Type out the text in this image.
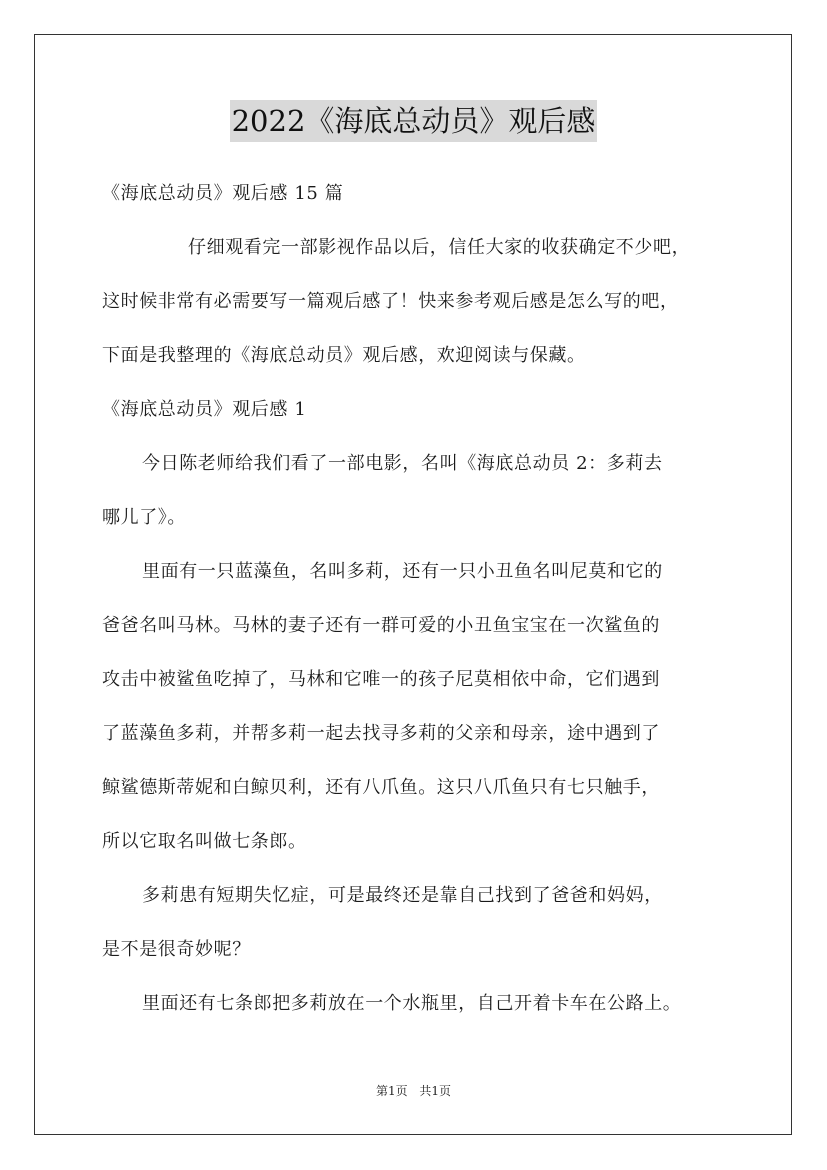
2022《海底总动员》观后感
《海底总动员》观后感 15 篇
仔细观看完一部影视作品以后，信任大家的收获确定不少吧，
这时候非常有必需要写一篇观后感了！快来参考观后感是怎么写的吧，
下面是我整理的《海底总动员》观后感，欢迎阅读与保藏。
《海底总动员》观后感 1
今日陈老师给我们看了一部电影，名叫《海底总动员 2：多莉去
哪儿了》。
里面有一只蓝藻鱼，名叫多莉，还有一只小丑鱼名叫尼莫和它的
爸爸名叫马林。马林的妻子还有一群可爱的小丑鱼宝宝在一次鲨鱼的
攻击中被鲨鱼吃掉了，马林和它唯一的孩子尼莫相依中命，它们遇到
了蓝藻鱼多莉，并帮多莉一起去找寻多莉的父亲和母亲，途中遇到了
鲸鲨德斯蒂妮和白鲸贝利，还有八爪鱼。这只八爪鱼只有七只触手，
所以它取名叫做七条郎。
多莉患有短期失忆症，可是最终还是靠自己找到了爸爸和妈妈，
是不是很奇妙呢？
里面还有七条郎把多莉放在一个水瓶里，自己开着卡车在公路上。
第1页 共1页
